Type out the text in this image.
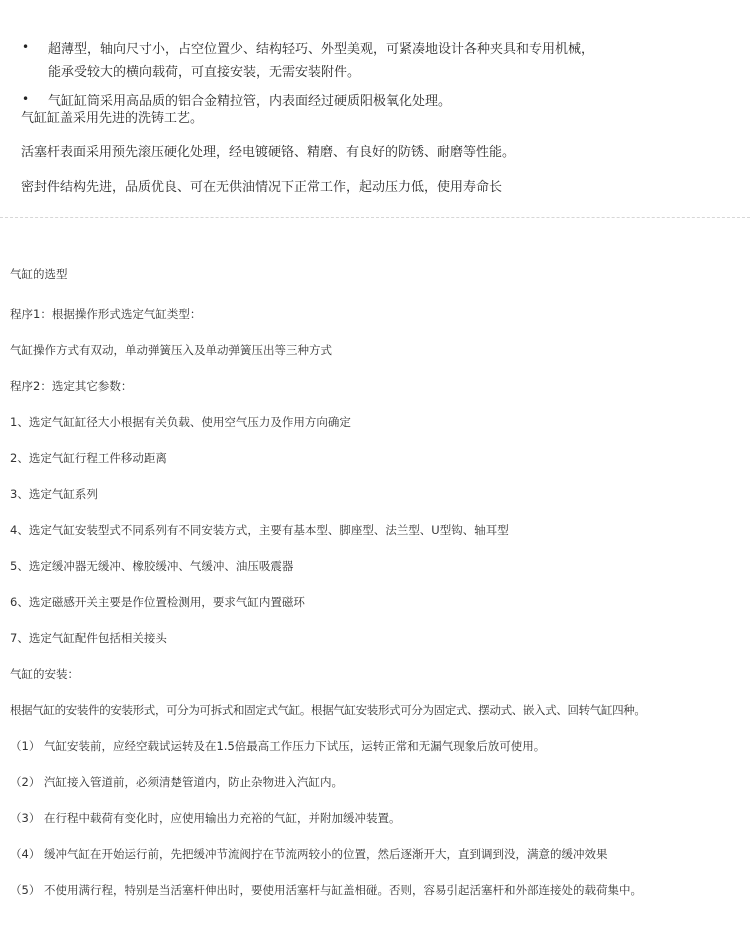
• 超薄型，轴向尺寸小，占空位置少、结构轻巧、外型美观，可紧凑地设计各种夹具和专用机械，
能承受较大的横向载荷，可直接安装，无需安装附件。
• 气缸缸筒采用高品质的铝合金精拉管，内表面经过硬质阳极氧化处理。
气缸缸盖采用先进的洗铸工艺。
活塞杆表面采用预先滚压硬化处理，经电镀硬铬、精磨、有良好的防锈、耐磨等性能。
密封件结构先进，品质优良、可在无供油情况下正常工作，起动压力低，使用寿命长
气缸的选型
程序1：根据操作形式选定气缸类型：
气缸操作方式有双动，单动弹簧压入及单动弹簧压出等三种方式
程序2：选定其它参数：
1、选定气缸缸径大小根据有关负载、使用空气压力及作用方向确定
2、选定气缸行程工件移动距离
3、选定气缸系列
4、选定气缸安装型式不同系列有不同安装方式，主要有基本型、脚座型、法兰型、U型钩、轴耳型
5、选定缓冲器无缓冲、橡胶缓冲、气缓冲、油压吸震器
6、选定磁感开关主要是作位置检测用，要求气缸内置磁环
7、选定气缸配件包括相关接头
气缸的安装：
根据气缸的安装件的安装形式，可分为可拆式和固定式气缸。根据气缸安装形式可分为固定式、摆动式、嵌入式、回转气缸四种。
（1） 气缸安装前，应经空载试运转及在1.5倍最高工作压力下试压，运转正常和无漏气现象后放可使用。
（2） 汽缸接入管道前，必须清楚管道内，防止杂物进入汽缸内。
（3） 在行程中载荷有变化时，应使用输出力充裕的气缸，并附加缓冲装置。
（4） 缓冲气缸在开始运行前，先把缓冲节流阀拧在节流两较小的位置，然后逐渐开大，直到调到没，满意的缓冲效果
（5） 不使用满行程，特别是当活塞杆伸出时，要使用活塞杆与缸盖相碰。否则，容易引起活塞杆和外部连接处的载荷集中。
